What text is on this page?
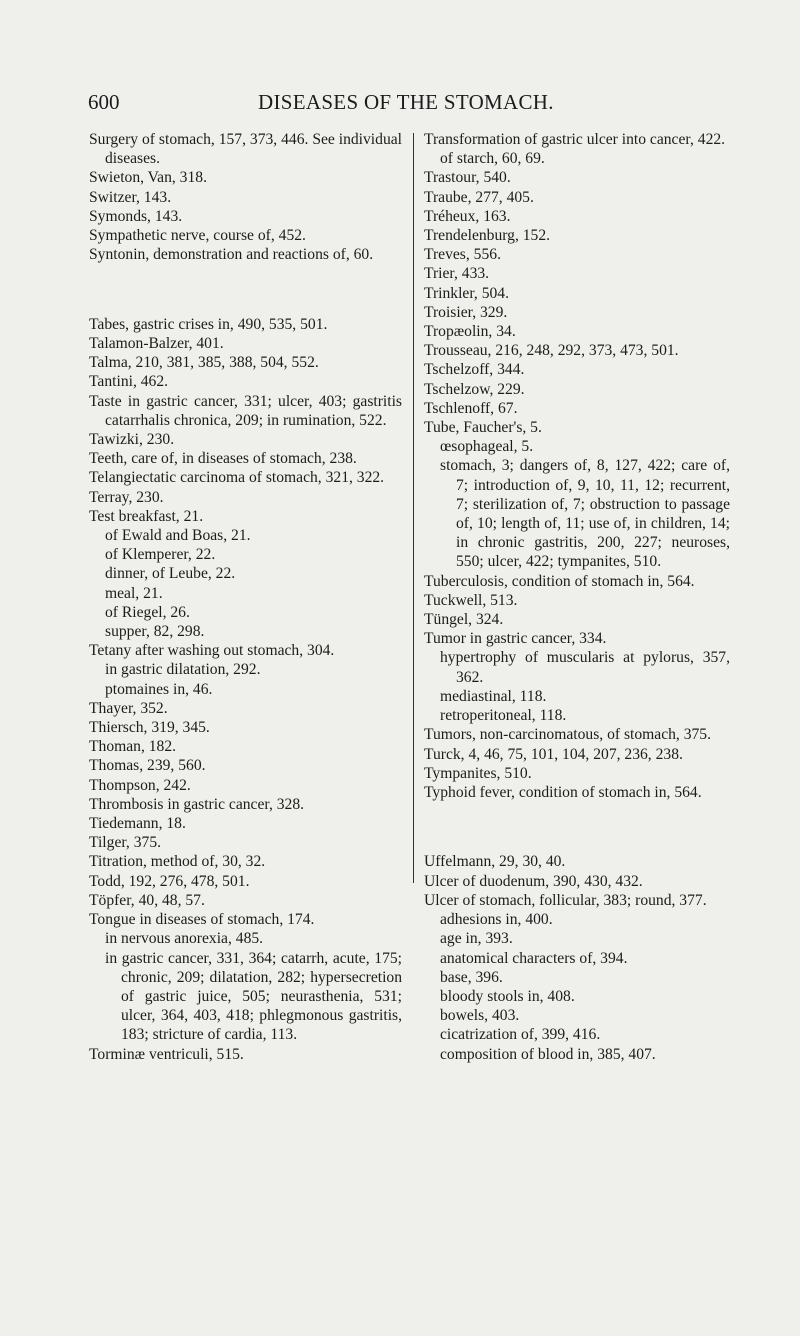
600	DISEASES OF THE STOMACH.

Surgery of stomach, 157, 373, 446. See individual diseases.

Swieton, Van, 318.

Switzer, 143.

Symonds, 143.

Sympathetic nerve, course of, 452.

Syntonin, demonstration and reactions of, 60.

Tabes, gastric crises in, 490, 535, 501.

Talamon-Balzer, 401.

Talma, 210, 381, 385, 388, 504, 552.

Tantini, 462.

Taste in gastric cancer, 331; ulcer, 403; gastritis catarrhalis chronica, 209; in rumination, 522.

Tawizki, 230.

Teeth, care of, in diseases of stomach, 238.

Telangiectatic carcinoma of stomach, 321, 322.

Terray, 230.

Test breakfast, 21.

of Ewald and Boas, 21.

of Klemperer, 22.

dinner, of Leube, 22.

meal, 21.

of Riegel, 26.

supper, 82, 298.

Tetany after washing out stomach, 304.

in gastric dilatation, 292.

ptomaines in, 46.

Thayer, 352.

Thiersch, 319, 345.

Thoman, 182.

Thomas, 239, 560.

Thompson, 242.

Thrombosis in gastric cancer, 328.

Tiedemann, 18.

Tilger, 375.

Titration, method of, 30, 32.

Todd, 192, 276, 478, 501.

Töpfer, 40, 48, 57.

Tongue in diseases of stomach, 174.

in nervous anorexia, 485.

in gastric cancer, 331, 364; catarrh, acute, 175; chronic, 209; dilatation, 282; hypersecretion of gastric juice, 505; neurasthenia, 531; ulcer, 364, 403, 418; phlegmonous gastritis, 183; stricture of cardia, 113.

Torminæ ventriculi, 515.

Transformation of gastric ulcer into cancer, 422.

of starch, 60, 69.

Trastour, 540.

Traube, 277, 405.

Tréheux, 163.

Trendelenburg, 152.

Treves, 556.

Trier, 433.

Trinkler, 504.

Troisier, 329.

Tropæolin, 34.

Trousseau, 216, 248, 292, 373, 473, 501.

Tschelzoff, 344.

Tschelzow, 229.

Tschlenoff, 67.

Tube, Faucher's, 5.

œsophageal, 5.

stomach, 3; dangers of, 8, 127, 422; care of, 7; introduction of, 9, 10, 11, 12; recurrent, 7; sterilization of, 7; obstruction to passage of, 10; length of, 11; use of, in children, 14; in chronic gastritis, 200, 227; neuroses, 550; ulcer, 422; tympanites, 510.

Tuberculosis, condition of stomach in, 564.

Tuckwell, 513.

Tüngel, 324.

Tumor in gastric cancer, 334.

hypertrophy of muscularis at pylorus, 357, 362.

mediastinal, 118.

retroperitoneal, 118.

Tumors, non-carcinomatous, of stomach, 375.

Turck, 4, 46, 75, 101, 104, 207, 236, 238.

Tympanites, 510.

Typhoid fever, condition of stomach in, 564.

Uffelmann, 29, 30, 40.

Ulcer of duodenum, 390, 430, 432.

Ulcer of stomach, follicular, 383; round, 377.

adhesions in, 400.

age in, 393.

anatomical characters of, 394.

base, 396.

bloody stools in, 408.

bowels, 403.

cicatrization of, 399, 416.

composition of blood in, 385, 407.
